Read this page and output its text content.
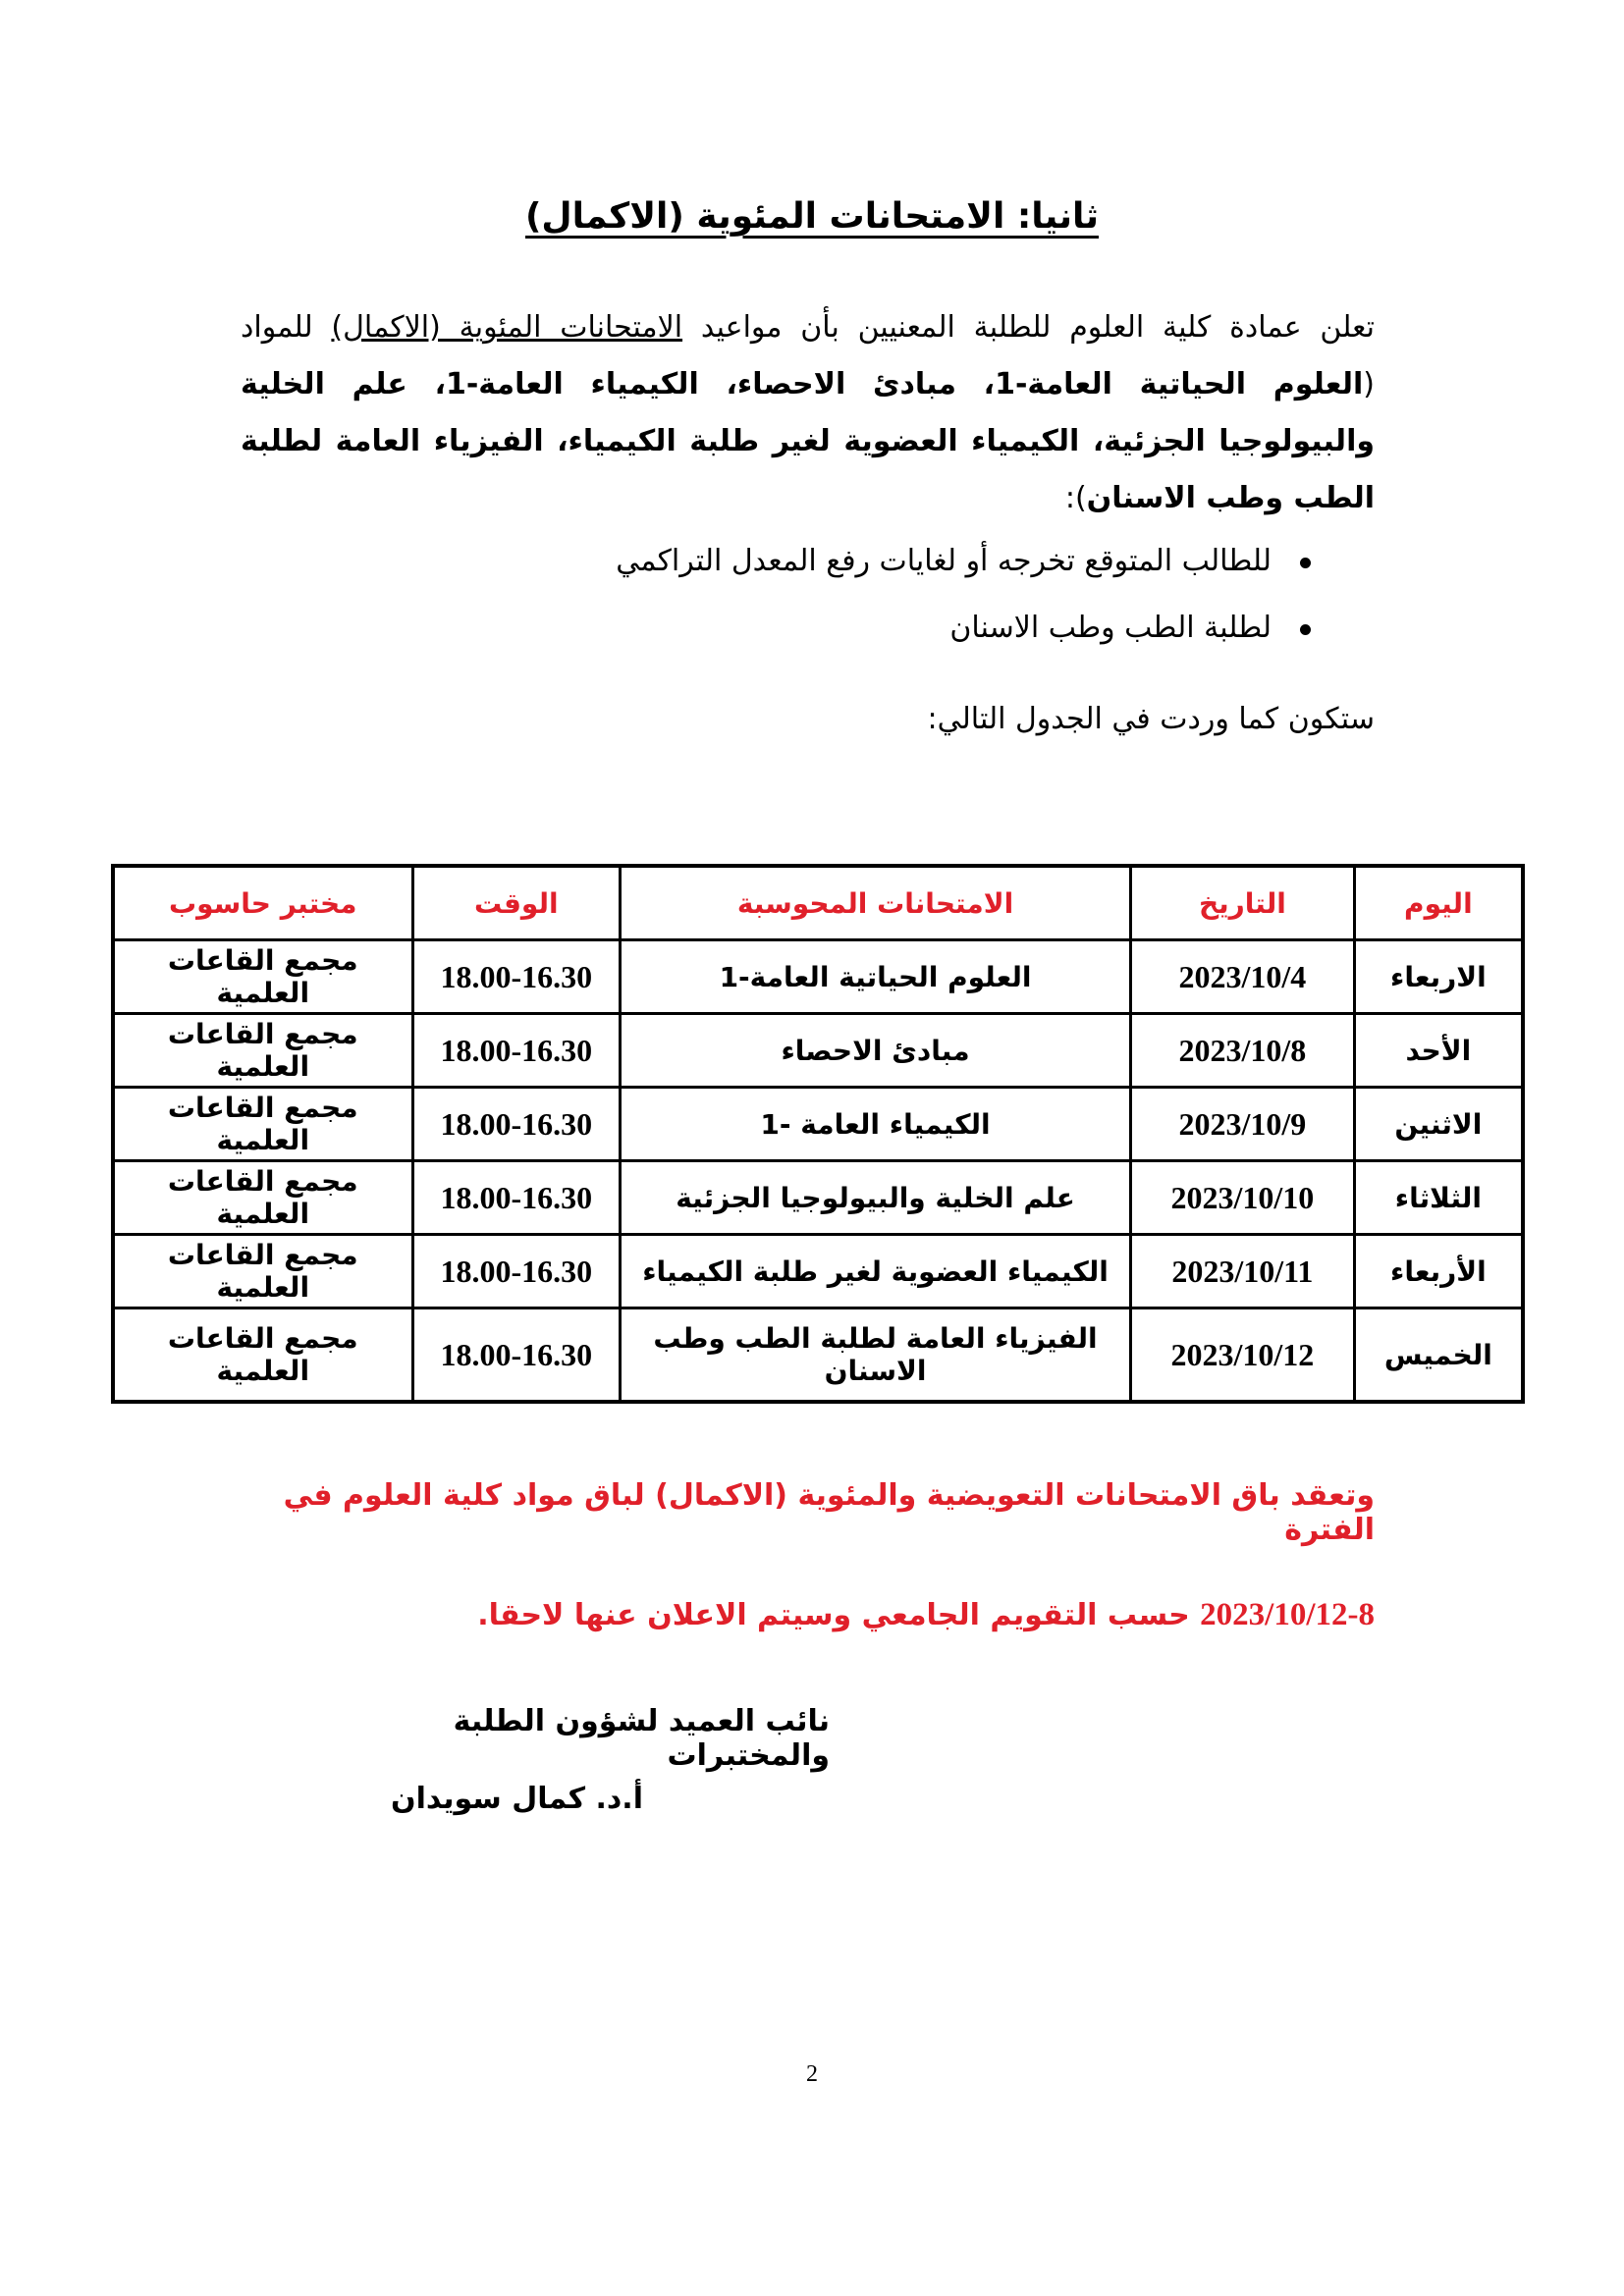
ثانيا: الامتحانات المئوية (الاكمال)
تعلن عمادة كلية العلوم للطلبة المعنيين بأن مواعيد الامتحانات المئوية (الاكمال) للمواد (العلوم الحياتية العامة-1، مبادئ الاحصاء، الكيمياء العامة-1، علم الخلية والبيولوجيا الجزئية، الكيمياء العضوية لغير طلبة الكيمياء، الفيزياء العامة لطلبة الطب وطب الاسنان):
للطالب المتوقع تخرجه أو لغايات رفع المعدل التراكمي
لطلبة الطب وطب الاسنان
ستكون كما وردت في الجدول التالي:
اليوم	التاريخ	الامتحانات المحوسبة	الوقت	مختبر حاسوب
الاربعاء	2023/10/4	العلوم الحياتية العامة-1	18.00-16.30	مجمع القاعات العلمية
الأحد	2023/10/8	مبادئ الاحصاء	18.00-16.30	مجمع القاعات العلمية
الاثنين	2023/10/9	الكيمياء العامة -1	18.00-16.30	مجمع القاعات العلمية
الثلاثاء	2023/10/10	علم الخلية والبيولوجيا الجزئية	18.00-16.30	مجمع القاعات العلمية
الأربعاء	2023/10/11	الكيمياء العضوية لغير طلبة الكيمياء	18.00-16.30	مجمع القاعات العلمية
الخميس	2023/10/12	الفيزياء العامة لطلبة الطب وطب الاسنان	18.00-16.30	مجمع القاعات العلمية
وتعقد باق الامتحانات التعويضية والمئوية (الاكمال) لباق مواد كلية العلوم في الفترة
2023/10/12-8 حسب التقويم الجامعي وسيتم الاعلان عنها لاحقا.
نائب العميد لشؤون الطلبة والمختبرات
أ.د. كمال سويدان
2
